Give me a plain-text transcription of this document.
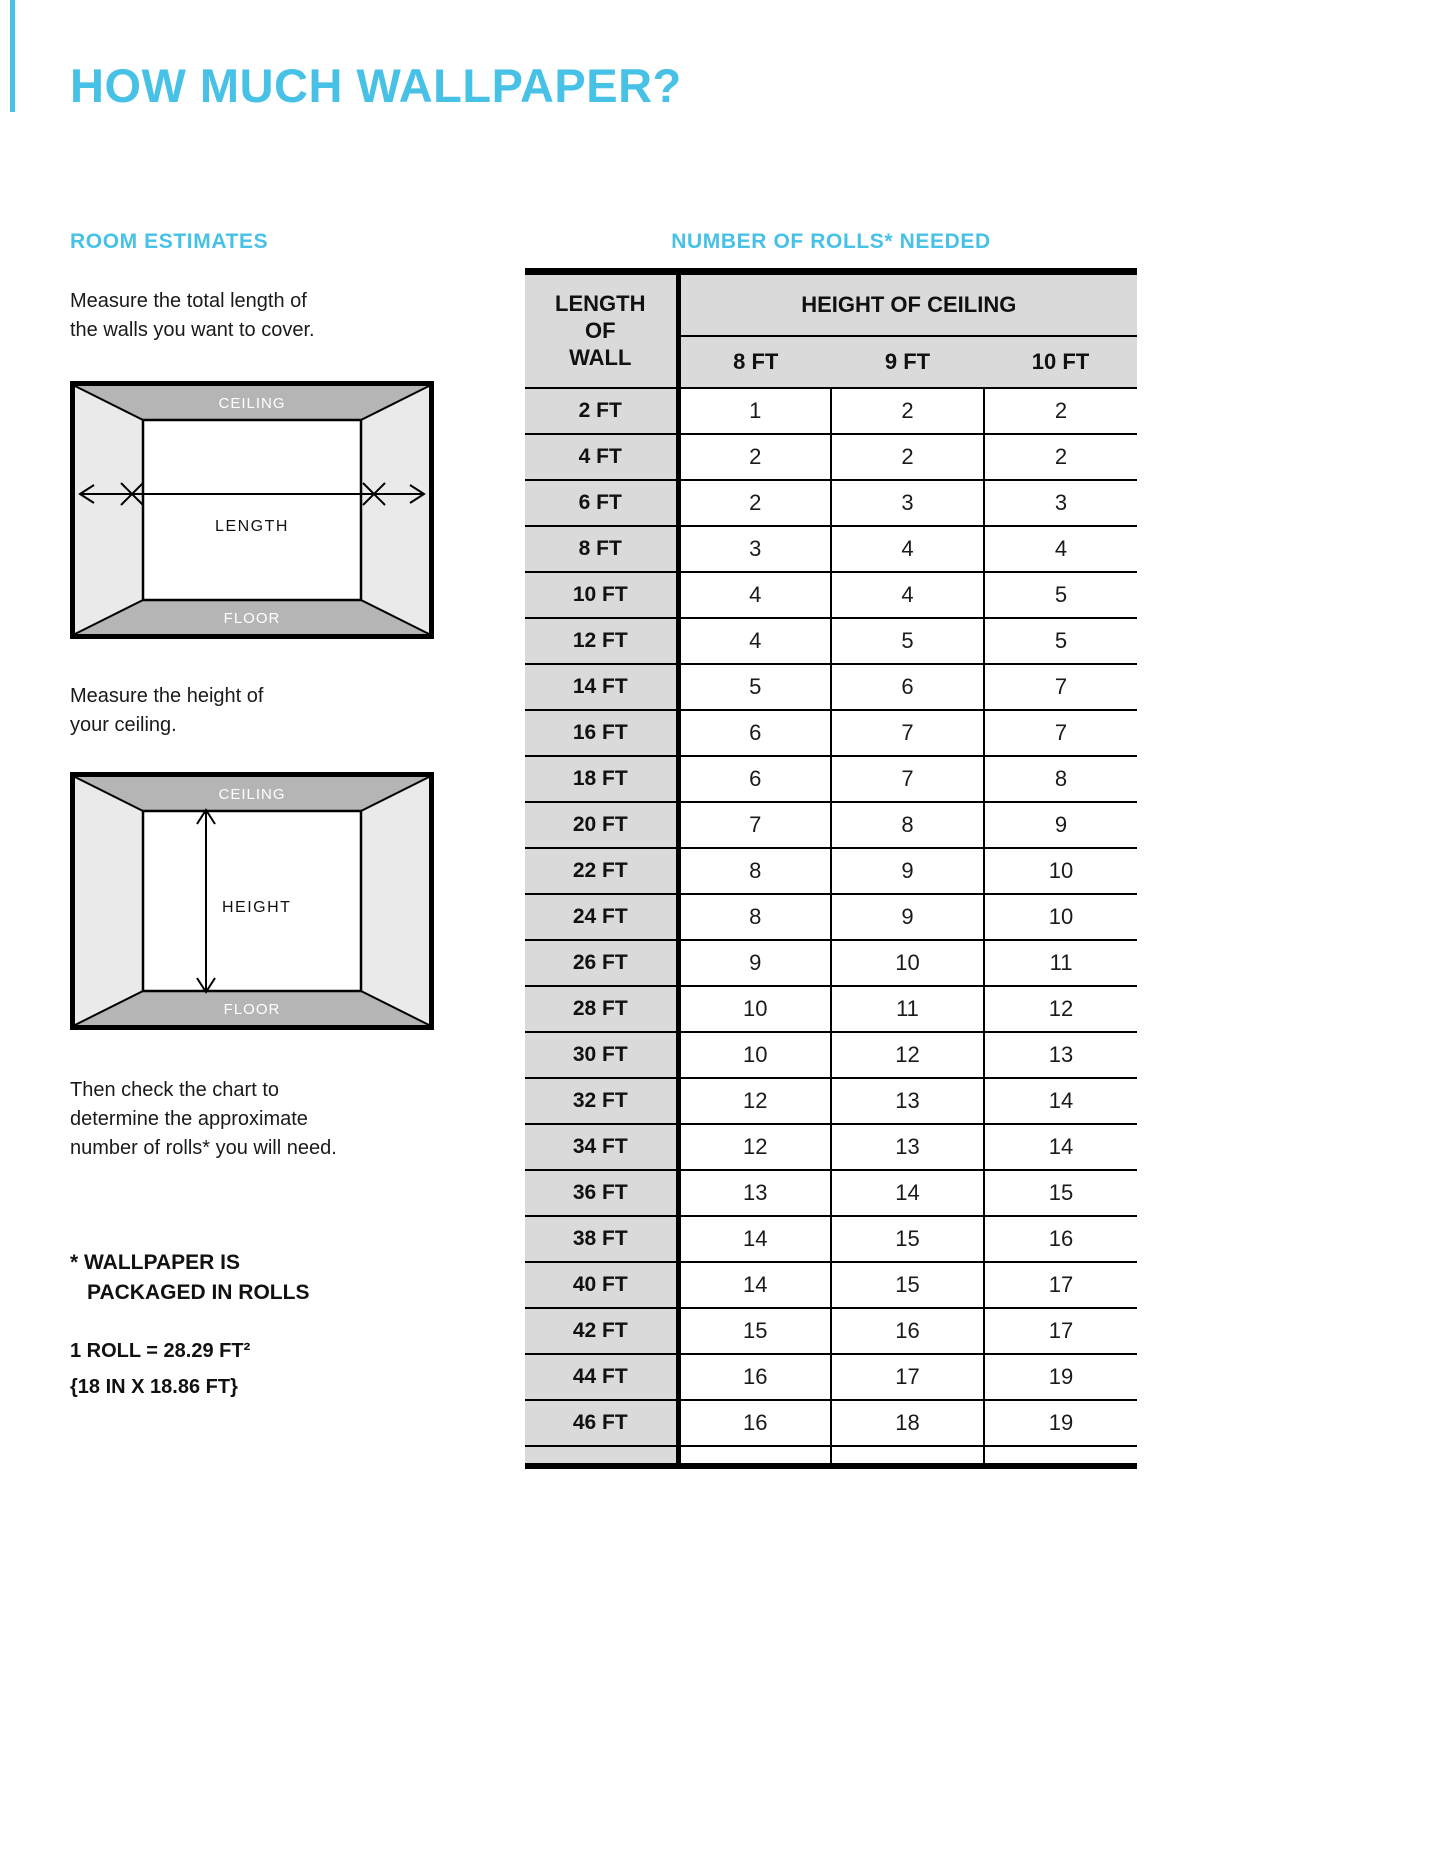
HOW MUCH WALLPAPER?
ROOM ESTIMATES	NUMBER OF ROLLS* NEEDED
Measure the total length of
the walls you want to cover.
CEILING
FLOOR
LENGTH
Measure the height of
your ceiling.
CEILING
FLOOR
HEIGHT
Then check the chart to
determine the approximate
number of rolls* you will need.
* WALLPAPER IS
PACKAGED IN ROLLS
1 ROLL = 28.29 FT²
{18 IN X 18.86 FT}
LENGTH OF WALL	HEIGHT OF CEILING		
	8 FT	9 FT	10 FT
2 FT	1	2	2
4 FT	2	2	2
6 FT	2	3	3
8 FT	3	4	4
10 FT	4	4	5
12 FT	4	5	5
14 FT	5	6	7
16 FT	6	7	7
18 FT	6	7	8
20 FT	7	8	9
22 FT	8	9	10
24 FT	8	9	10
26 FT	9	10	11
28 FT	10	11	12
30 FT	10	12	13
32 FT	12	13	14
34 FT	12	13	14
36 FT	13	14	15
38 FT	14	15	16
40 FT	14	15	17
42 FT	15	16	17
44 FT	16	17	19
46 FT	16	18	19
